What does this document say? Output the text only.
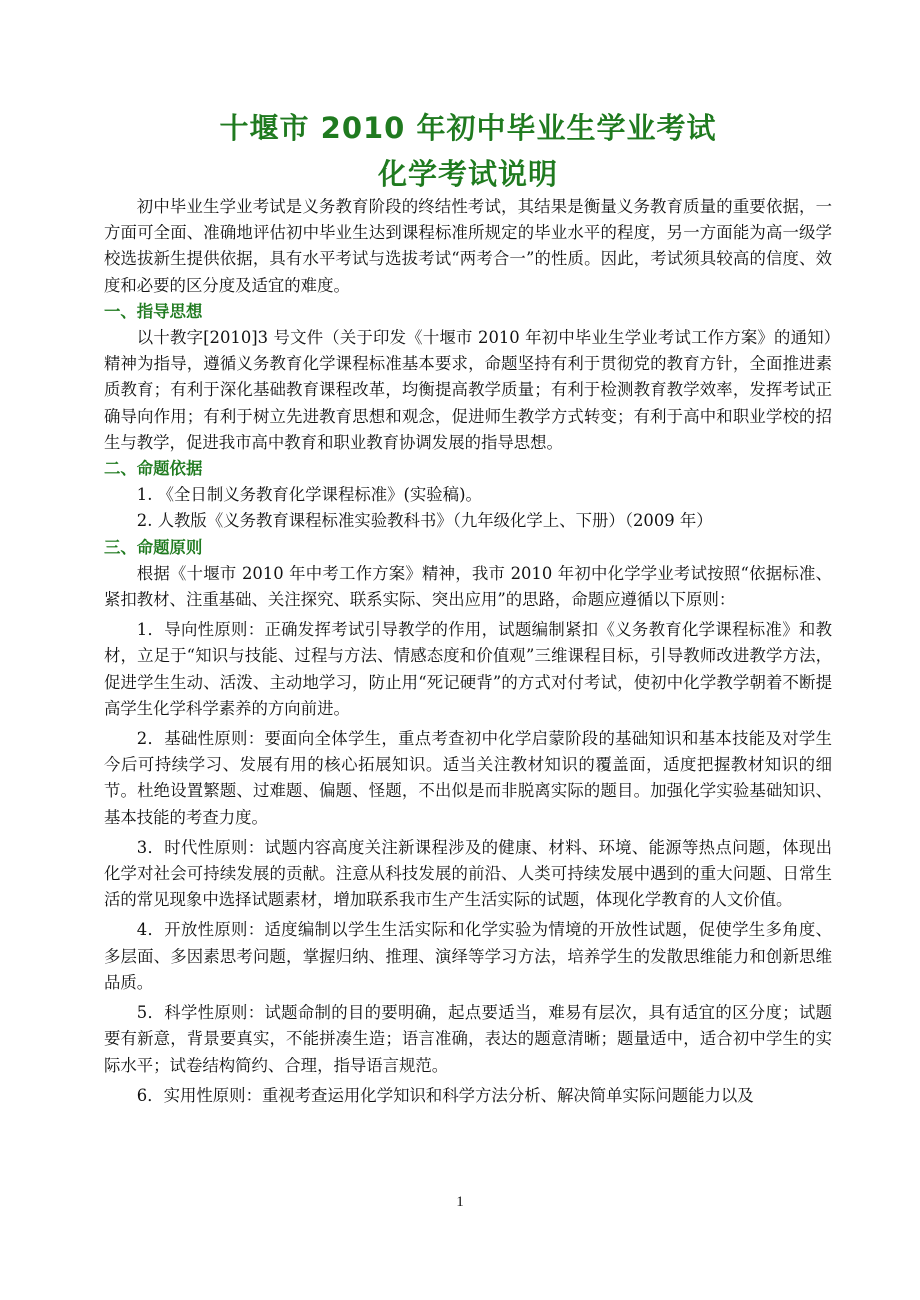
十堰市 2010 年初中毕业生学业考试
化学考试说明

初中毕业生学业考试是义务教育阶段的终结性考试，其结果是衡量义务教育质量的重要依据，一方面可全面、准确地评估初中毕业生达到课程标准所规定的毕业水平的程度，另一方面能为高一级学校选拔新生提供依据，具有水平考试与选拔考试“两考合一”的性质。因此，考试须具较高的信度、效度和必要的区分度及适宜的难度。

一、指导思想

以十教字[2010]3 号文件（关于印发《十堰市 2010 年初中毕业生学业考试工作方案》的通知）精神为指导，遵循义务教育化学课程标准基本要求，命题坚持有利于贯彻党的教育方针，全面推进素质教育；有利于深化基础教育课程改革，均衡提高教学质量；有利于检测教育教学效率，发挥考试正确导向作用；有利于树立先进教育思想和观念，促进师生教学方式转变；有利于高中和职业学校的招生与教学，促进我市高中教育和职业教育协调发展的指导思想。

二、命题依据

1. 《全日制义务教育化学课程标准》(实验稿)。

2. 人教版《义务教育课程标准实验教科书》（九年级化学上、下册）（2009 年）

三、命题原则

根据《十堰市 2010 年中考工作方案》精神，我市 2010 年初中化学学业考试按照“依据标准、紧扣教材、注重基础、关注探究、联系实际、突出应用”的思路，命题应遵循以下原则：

1．导向性原则：正确发挥考试引导教学的作用，试题编制紧扣《义务教育化学课程标准》和教材，立足于“知识与技能、过程与方法、情感态度和价值观”三维课程目标，引导教师改进教学方法，促进学生生动、活泼、主动地学习，防止用“死记硬背”的方式对付考试，使初中化学教学朝着不断提高学生化学科学素养的方向前进。

2．基础性原则：要面向全体学生，重点考查初中化学启蒙阶段的基础知识和基本技能及对学生今后可持续学习、发展有用的核心拓展知识。适当关注教材知识的覆盖面，适度把握教材知识的细节。杜绝设置繁题、过难题、偏题、怪题，不出似是而非脱离实际的题目。加强化学实验基础知识、基本技能的考查力度。

3．时代性原则：试题内容高度关注新课程涉及的健康、材料、环境、能源等热点问题，体现出化学对社会可持续发展的贡献。注意从科技发展的前沿、人类可持续发展中遇到的重大问题、日常生活的常见现象中选择试题素材，增加联系我市生产生活实际的试题，体现化学教育的人文价值。

4．开放性原则：适度编制以学生生活实际和化学实验为情境的开放性试题，促使学生多角度、多层面、多因素思考问题，掌握归纳、推理、演绎等学习方法，培养学生的发散思维能力和创新思维品质。

5．科学性原则：试题命制的目的要明确，起点要适当，难易有层次，具有适宜的区分度；试题要有新意，背景要真实，不能拼凑生造；语言准确，表达的题意清晰；题量适中，适合初中学生的实际水平；试卷结构简约、合理，指导语言规范。

6．实用性原则：重视考查运用化学知识和科学方法分析、解决简单实际问题能力以及

1
